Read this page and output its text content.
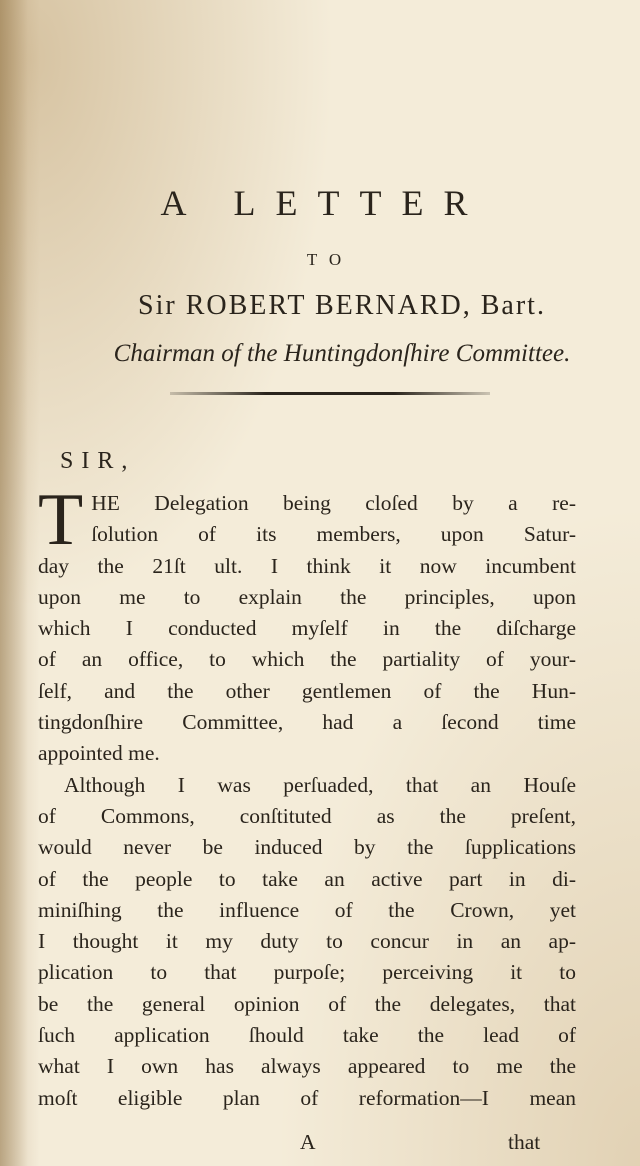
A LETTER
TO
Sir ROBERT BERNARD, Bart.
Chairman of the Huntingdonſhire Committee.
SIR,
T HE Delegation being cloſed by a re-
ſolution of its members, upon Satur-
day the 21ſt ult. I think it now incumbent
upon me to explain the principles, upon
which I conducted myſelf in the diſcharge
of an office, to which the partiality of your-
ſelf, and the other gentlemen of the Hun-
tingdonſhire Committee, had a ſecond time
appointed me.
Although I was perſuaded, that an Houſe
of Commons, conſtituted as the preſent,
would never be induced by the ſupplications
of the people to take an active part in di-
miniſhing the influence of the Crown, yet
I thought it my duty to concur in an ap-
plication to that purpoſe; perceiving it to
be the general opinion of the delegates, that
ſuch application ſhould take the lead of
what I own has always appeared to me the
moſt eligible plan of reformation—I mean
A	that
